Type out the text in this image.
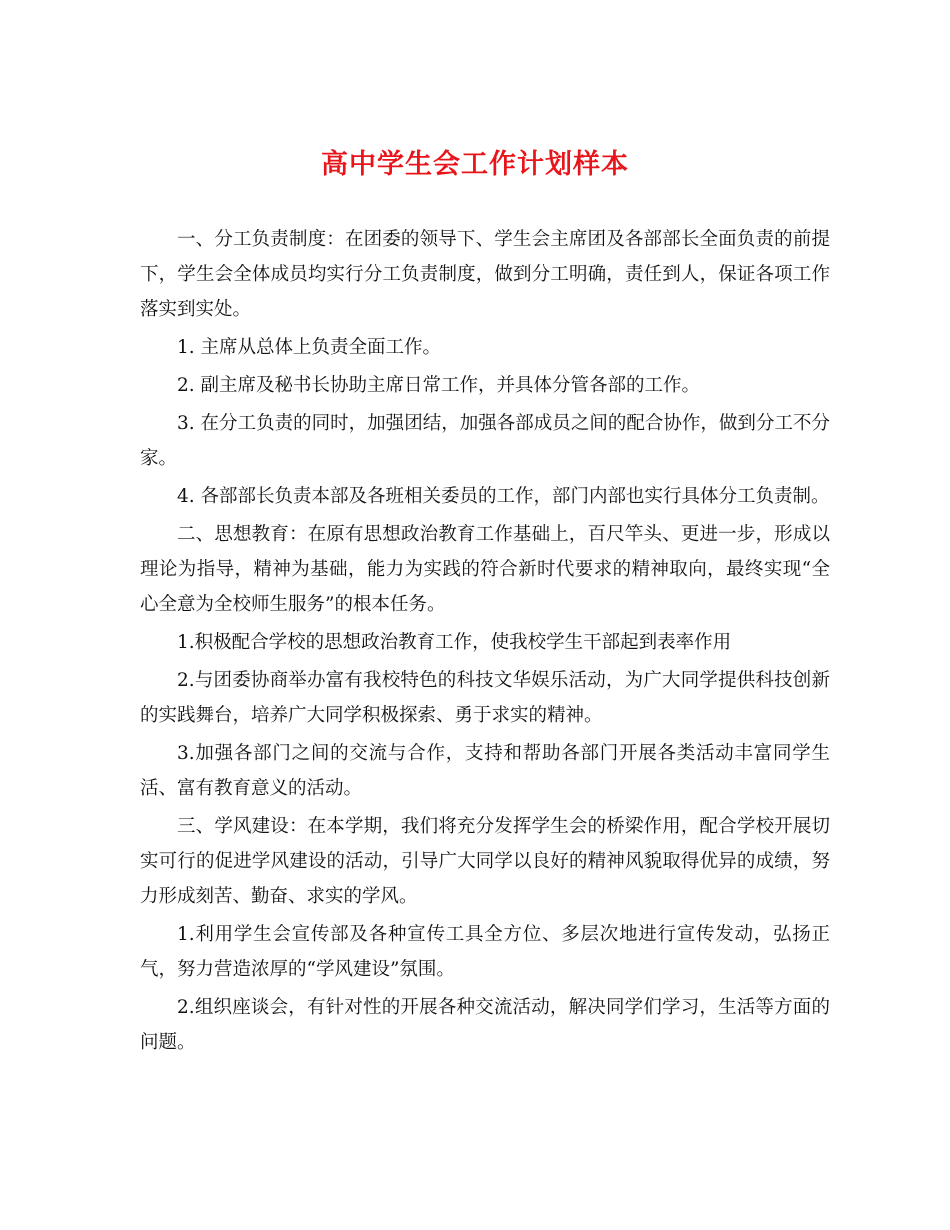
高中学生会工作计划样本

一、分工负责制度：在团委的领导下、学生会主席团及各部部长全面负责的前提下，学生会全体成员均实行分工负责制度，做到分工明确，责任到人，保证各项工作落实到实处。

1. 主席从总体上负责全面工作。

2. 副主席及秘书长协助主席日常工作，并具体分管各部的工作。

3. 在分工负责的同时，加强团结，加强各部成员之间的配合协作，做到分工不分家。

4. 各部部长负责本部及各班相关委员的工作，部门内部也实行具体分工负责制。

二、思想教育：在原有思想政治教育工作基础上，百尺竿头、更进一步，形成以理论为指导，精神为基础，能力为实践的符合新时代要求的精神取向，最终实现“全心全意为全校师生服务”的根本任务。

1.积极配合学校的思想政治教育工作，使我校学生干部起到表率作用

2.与团委协商举办富有我校特色的科技文华娱乐活动，为广大同学提供科技创新的实践舞台，培养广大同学积极探索、勇于求实的精神。

3.加强各部门之间的交流与合作，支持和帮助各部门开展各类活动丰富同学生活、富有教育意义的活动。

三、学风建设：在本学期，我们将充分发挥学生会的桥梁作用，配合学校开展切实可行的促进学风建设的活动，引导广大同学以良好的精神风貌取得优异的成绩，努力形成刻苦、勤奋、求实的学风。

1.利用学生会宣传部及各种宣传工具全方位、多层次地进行宣传发动，弘扬正气，努力营造浓厚的“学风建设”氛围。

2.组织座谈会，有针对性的开展各种交流活动，解决同学们学习，生活等方面的问题。
